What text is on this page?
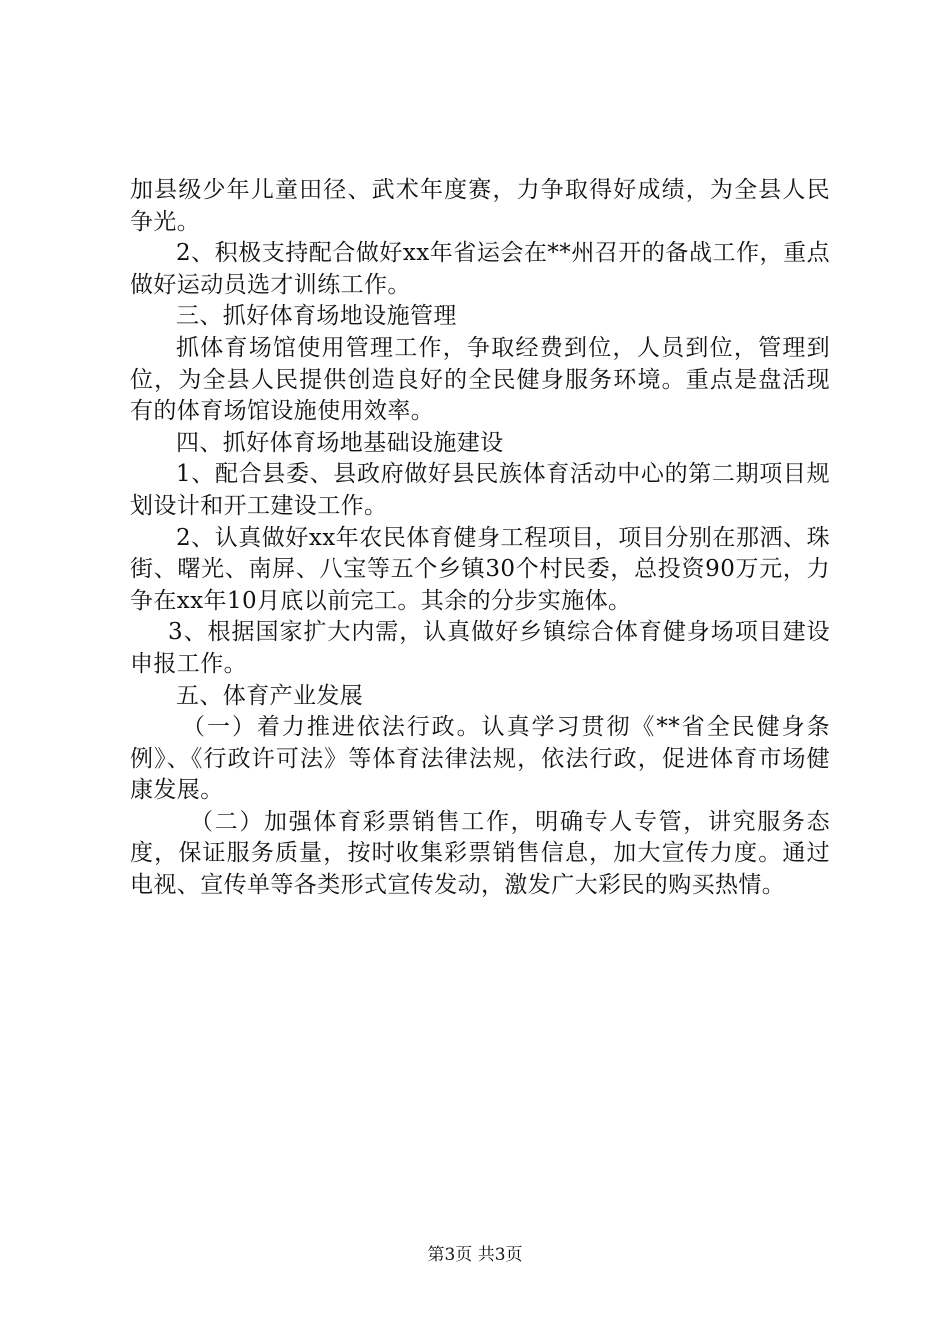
加县级少年儿童田径、武术年度赛，力争取得好成绩，为全县人民争光。

2、积极支持配合做好xx年省运会在**州召开的备战工作，重点做好运动员选才训练工作。

三、抓好体育场地设施管理

抓体育场馆使用管理工作，争取经费到位，人员到位，管理到位，为全县人民提供创造良好的全民健身服务环境。重点是盘活现有的体育场馆设施使用效率。

四、抓好体育场地基础设施建设

1、配合县委、县政府做好县民族体育活动中心的第二期项目规划设计和开工建设工作。

2、认真做好xx年农民体育健身工程项目，项目分别在那洒、珠街、曙光、南屏、八宝等五个乡镇30个村民委，总投资90万元，力争在xx年10月底以前完工。其余的分步实施体。

3、根据国家扩大内需，认真做好乡镇综合体育健身场项目建设申报工作。

五、体育产业发展

（一）着力推进依法行政。认真学习贯彻《**省全民健身条例》、《行政许可法》等体育法律法规，依法行政，促进体育市场健康发展。

（二）加强体育彩票销售工作，明确专人专管，讲究服务态度，保证服务质量，按时收集彩票销售信息，加大宣传力度。通过电视、宣传单等各类形式宣传发动，激发广大彩民的购买热情。

第3页 共3页
